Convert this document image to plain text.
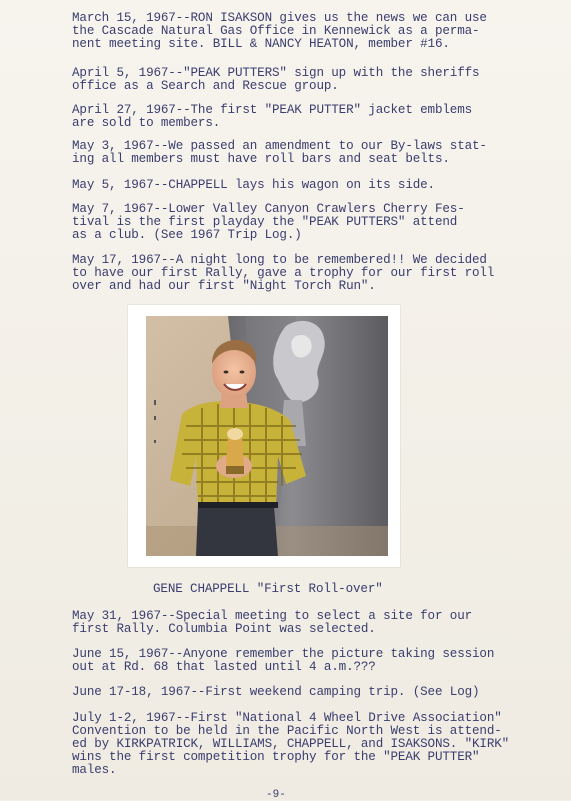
March 15, 1967--RON ISAKSON gives us the news we can use
the Cascade Natural Gas Office in Kennewick as a perma-
nent meeting site. BILL & NANCY HEATON, member #16.

April 5, 1967--"PEAK PUTTERS" sign up with the sheriffs
office as a Search and Rescue group.

April 27, 1967--The first "PEAK PUTTER" jacket emblems
are sold to members.

May 3, 1967--We passed an amendment to our By-laws stat-
ing all members must have roll bars and seat belts.

May 5, 1967--CHAPPELL lays his wagon on its side.

May 7, 1967--Lower Valley Canyon Crawlers Cherry Fes-
tival is the first playday the "PEAK PUTTERS" attend
as a club. (See 1967 Trip Log.)

May 17, 1967--A night long to be remembered!! We decided
to have our first Rally, gave a trophy for our first roll
over and had our first "Night Torch Run".

GENE CHAPPELL "First Roll-over"

May 31, 1967--Special meeting to select a site for our
first Rally. Columbia Point was selected.

June 15, 1967--Anyone remember the picture taking session
out at Rd. 68 that lasted until 4 a.m.???

June 17-18, 1967--First weekend camping trip. (See Log)

July 1-2, 1967--First "National 4 Wheel Drive Association"
Convention to be held in the Pacific North West is attend-
ed by KIRKPATRICK, WILLIAMS, CHAPPELL, and ISAKSONS. "KIRK"
wins the first competition trophy for the "PEAK PUTTER"
males.

-9-
